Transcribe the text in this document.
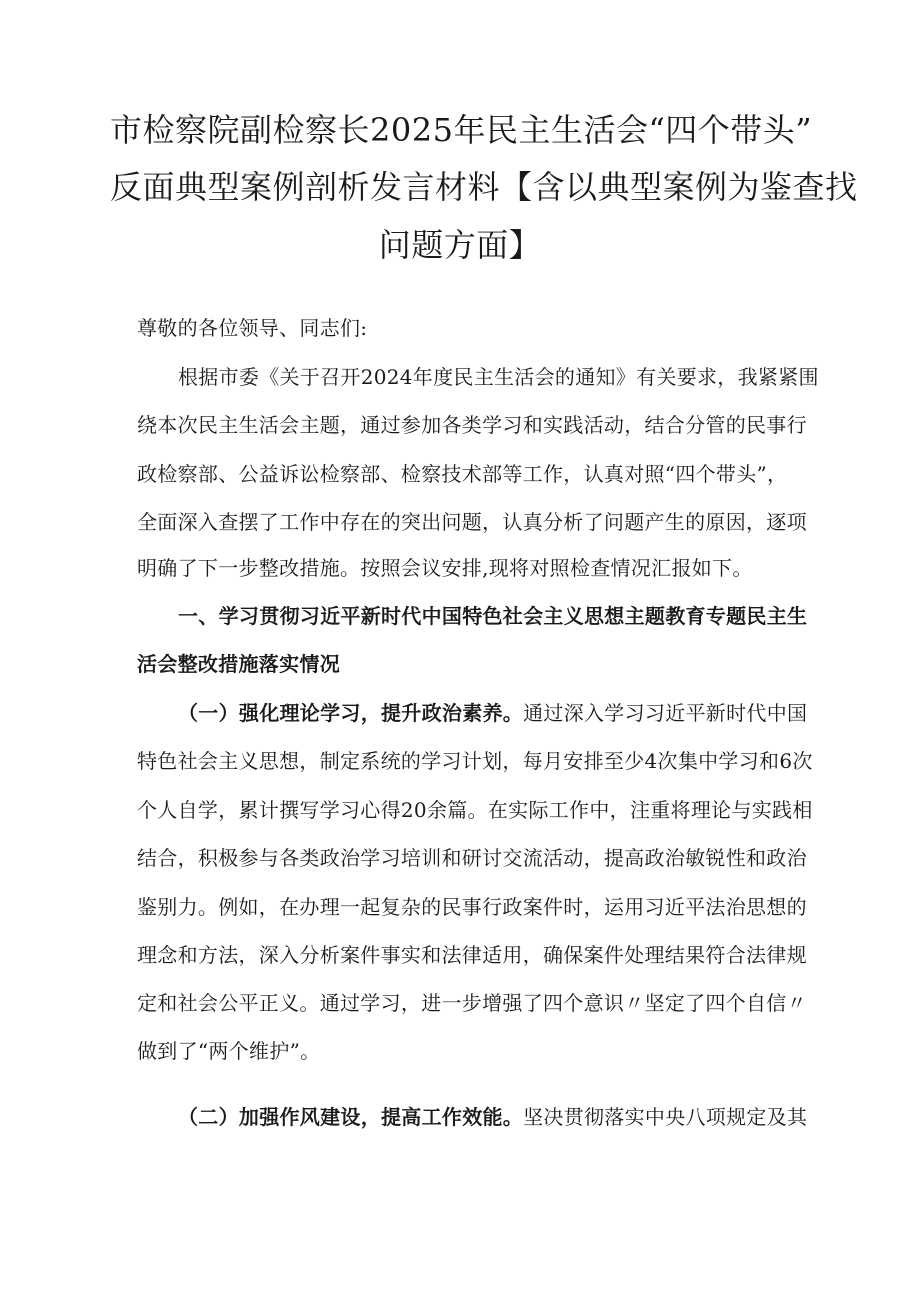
市检察院副检察长2025年民主生活会“四个带头”
反面典型案例剖析发言材料【含以典型案例为鉴查找
问题方面】
尊敬的各位领导、同志们:
根据市委《关于召开2024年度民主生活会的通知》有关要求，我紧紧围
绕本次民主生活会主题，通过参加各类学习和实践活动，结合分管的民事行
政检察部、公益诉讼检察部、检察技术部等工作，认真对照“四个带头”，
全面深入查摆了工作中存在的突出问题，认真分析了问题产生的原因，逐项
明确了下一步整改措施。按照会议安排,现将对照检查情况汇报如下。
一、学习贯彻习近平新时代中国特色社会主义思想主题教育专题民主生
活会整改措施落实情况
（一）强化理论学习，提升政治素养。通过深入学习习近平新时代中国
特色社会主义思想，制定系统的学习计划，每月安排至少4次集中学习和6次
个人自学，累计撰写学习心得20余篇。在实际工作中，注重将理论与实践相
结合，积极参与各类政治学习培训和研讨交流活动，提高政治敏锐性和政治
鉴别力。例如，在办理一起复杂的民事行政案件时，运用习近平法治思想的
理念和方法，深入分析案件事实和法律适用，确保案件处理结果符合法律规
定和社会公平正义。通过学习，进一步增强了四个意识〃坚定了四个自信〃
做到了“两个维护”。
（二）加强作风建设，提高工作效能。坚决贯彻落实中央八项规定及其
